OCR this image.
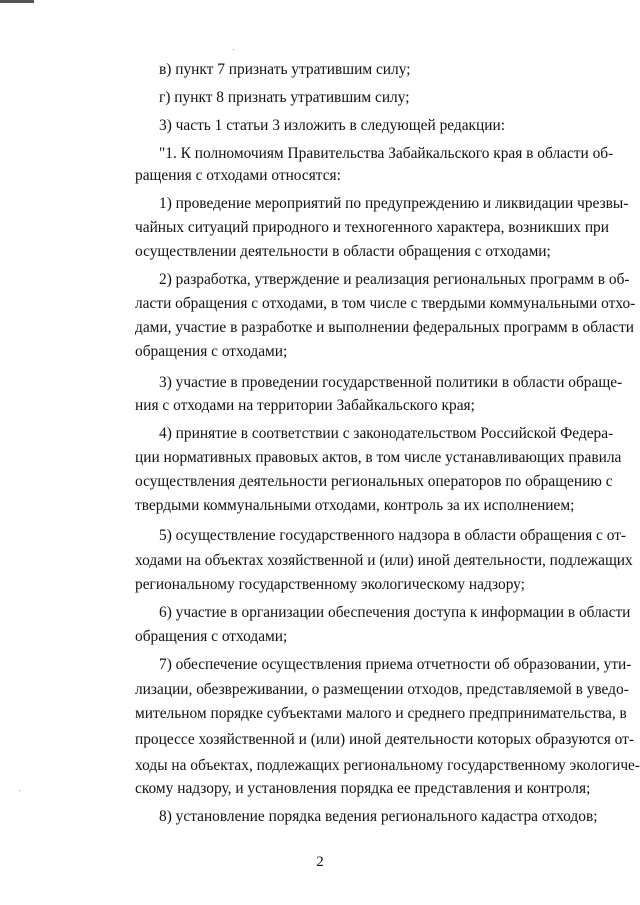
в) пункт 7 признать утратившим силу;
г) пункт 8 признать утратившим силу;
3) часть 1 статьи 3 изложить в следующей редакции:
"1. К полномочиям Правительства Забайкальского края в области об-
ращения с отходами относятся:
1) проведение мероприятий по предупреждению и ликвидации чрезвы-
чайных ситуаций природного и техногенного характера, возникших при
осуществлении деятельности в области обращения с отходами;
2) разработка, утверждение и реализация региональных программ в об-
ласти обращения с отходами, в том числе с твердыми коммунальными отхо-
дами, участие в разработке и выполнении федеральных программ в области
обращения с отходами;
3) участие в проведении государственной политики в области обраще-
ния с отходами на территории Забайкальского края;
4) принятие в соответствии с законодательством Российской Федера-
ции нормативных правовых актов, в том числе устанавливающих правила
осуществления деятельности региональных операторов по обращению с
твердыми коммунальными отходами, контроль за их исполнением;
5) осуществление государственного надзора в области обращения с от-
ходами на объектах хозяйственной и (или) иной деятельности, подлежащих
региональному государственному экологическому надзору;
6) участие в организации обеспечения доступа к информации в области
обращения с отходами;
7) обеспечение осуществления приема отчетности об образовании, ути-
лизации, обезвреживании, о размещении отходов, представляемой в уведо-
мительном порядке субъектами малого и среднего предпринимательства, в
процессе хозяйственной и (или) иной деятельности которых образуются от-
ходы на объектах, подлежащих региональному государственному экологиче-
скому надзору, и установления порядка ее представления и контроля;
8) установление порядка ведения регионального кадастра отходов;
2
